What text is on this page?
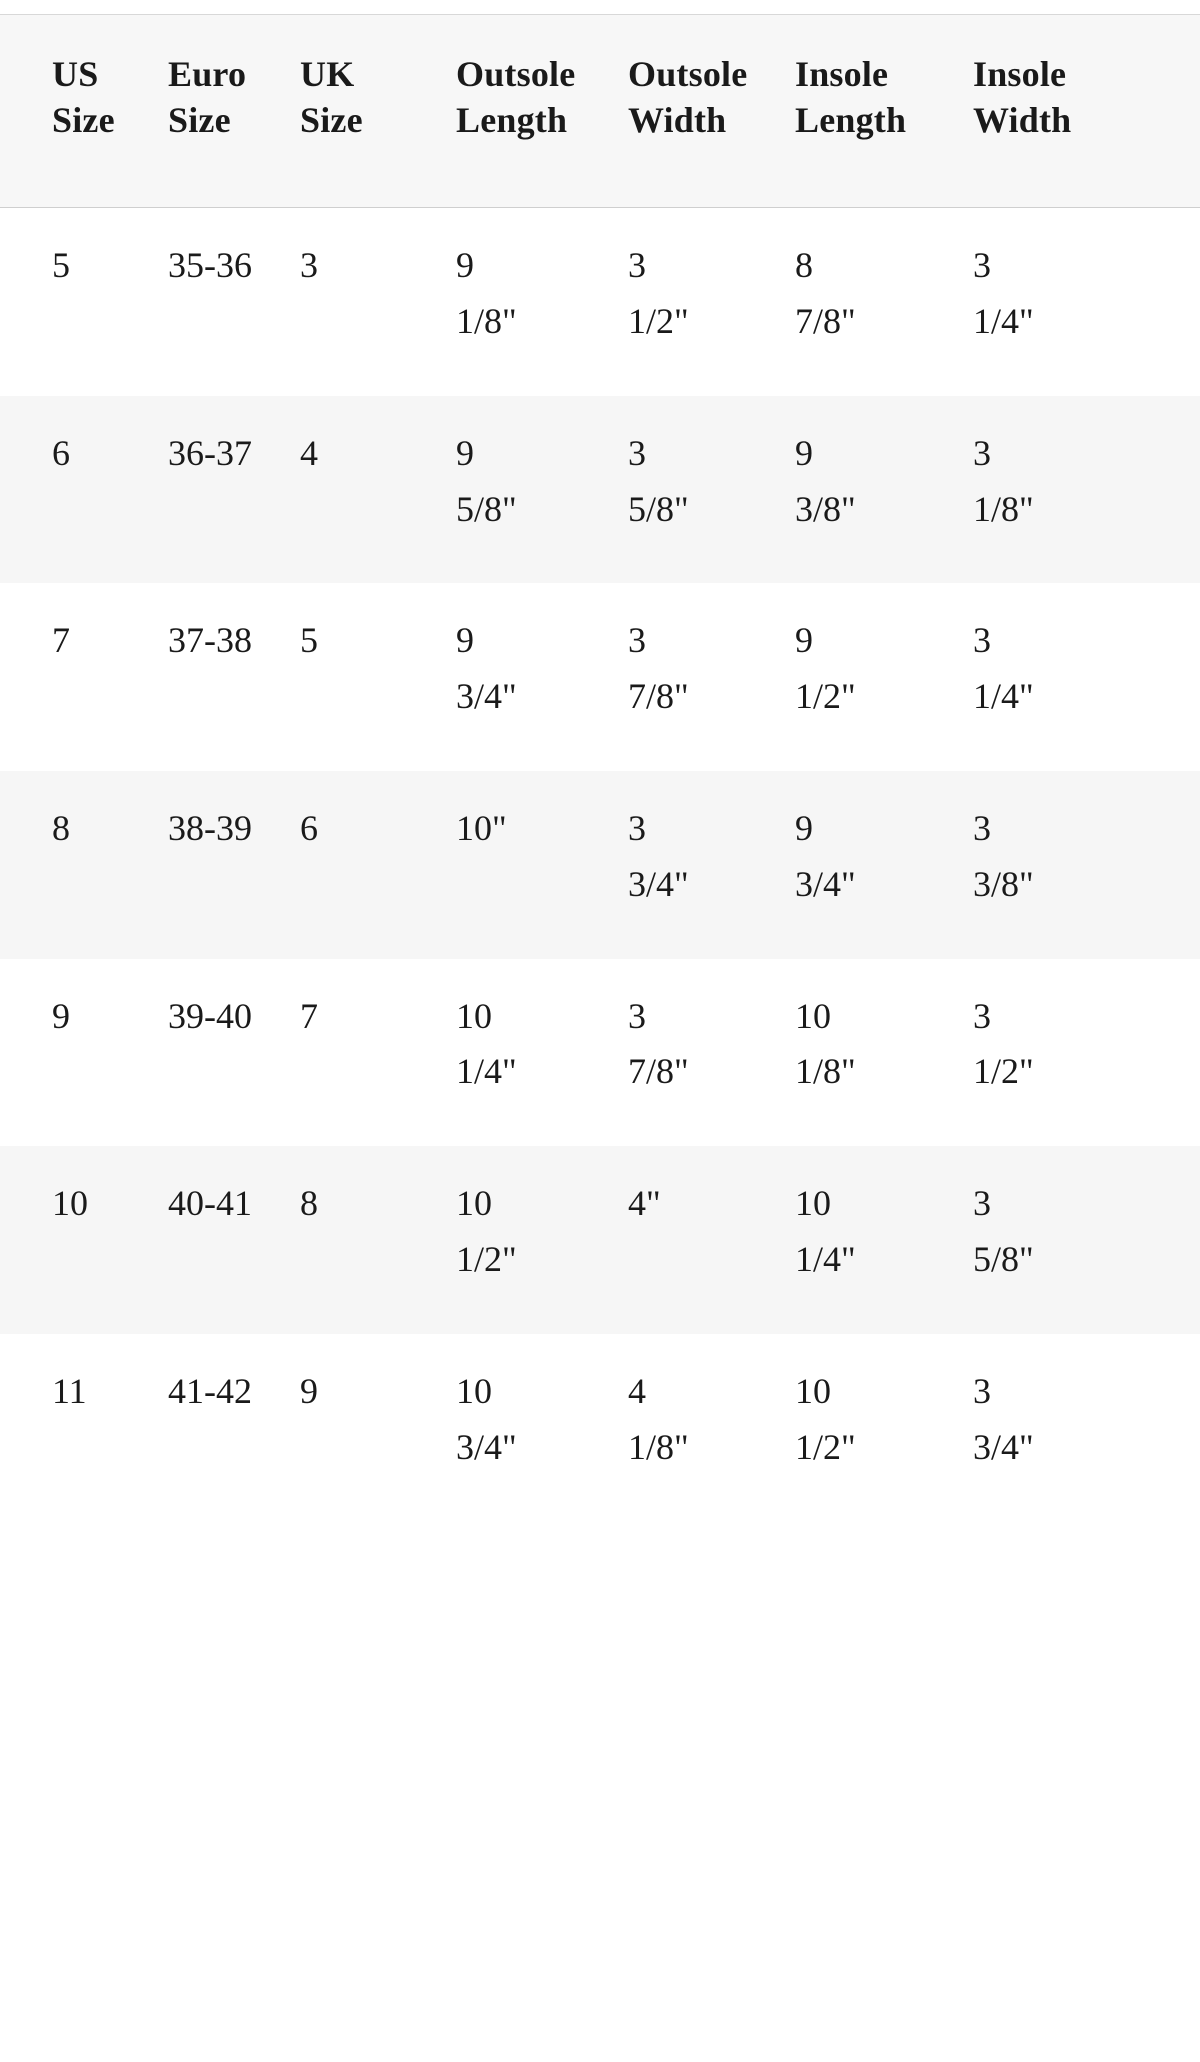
US Size	Euro Size	UK Size	Outsole Length	Outsole Width	Insole Length	Insole Width

5	35-36	3	9 1/8"	3 1/2"	8 7/8"	3 1/4"

6	36-37	4	9 5/8"	3 5/8"	9 3/8"	3 1/8"

7	37-38	5	9 3/4"	3 7/8"	9 1/2"	3 1/4"

8	38-39	6	10"	3 3/4"	9 3/4"	3 3/8"

9	39-40	7	10 1/4"	3 7/8"	10 1/8"	3 1/2"

10	40-41	8	10 1/2"	4"	10 1/4"	3 5/8"

11	41-42	9	10 3/4"	4 1/8"	10 1/2"	3 3/4"
